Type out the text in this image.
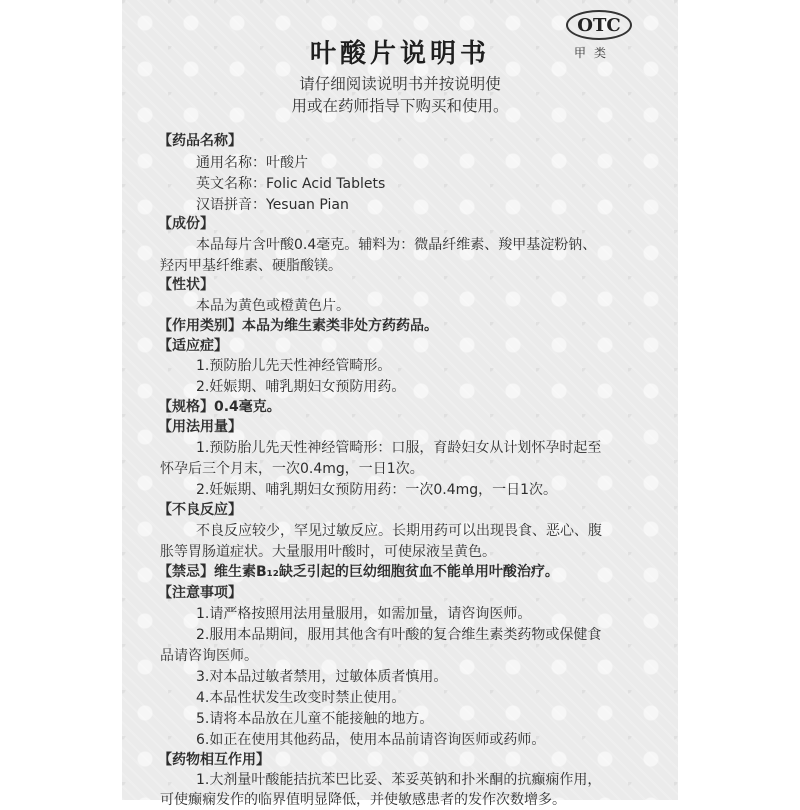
OTC
甲类
叶酸片说明书
请仔细阅读说明书并按说明使
用或在药师指导下购买和使用。
【药品名称】
通用名称：叶酸片
英文名称：Folic Acid Tablets
汉语拼音：Yesuan Pian
【成份】
本品每片含叶酸0.4毫克。辅料为：微晶纤维素、羧甲基淀粉钠、
羟丙甲基纤维素、硬脂酸镁。
【性状】
本品为黄色或橙黄色片。
【作用类别】本品为维生素类非处方药药品。
【适应症】
1.预防胎儿先天性神经管畸形。
2.妊娠期、哺乳期妇女预防用药。
【规格】0.4毫克。
【用法用量】
1.预防胎儿先天性神经管畸形：口服，育龄妇女从计划怀孕时起至
怀孕后三个月末，一次0.4mg，一日1次。
2.妊娠期、哺乳期妇女预防用药：一次0.4mg，一日1次。
【不良反应】
不良反应较少，罕见过敏反应。长期用药可以出现畏食、恶心、腹
胀等胃肠道症状。大量服用叶酸时，可使尿液呈黄色。
【禁忌】维生素B₁₂缺乏引起的巨幼细胞贫血不能单用叶酸治疗。
【注意事项】
1.请严格按照用法用量服用，如需加量，请咨询医师。
2.服用本品期间，服用其他含有叶酸的复合维生素类药物或保健食
品请咨询医师。
3.对本品过敏者禁用，过敏体质者慎用。
4.本品性状发生改变时禁止使用。
5.请将本品放在儿童不能接触的地方。
6.如正在使用其他药品，使用本品前请咨询医师或药师。
【药物相互作用】
1.大剂量叶酸能拮抗苯巴比妥、苯妥英钠和扑米酮的抗癫痫作用，
可使癫痫发作的临界值明显降低，并使敏感患者的发作次数增多。
